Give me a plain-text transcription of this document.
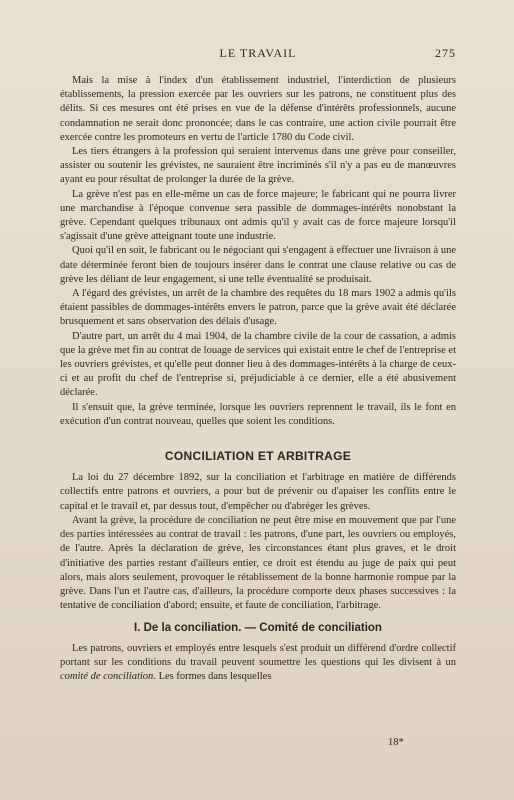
LE TRAVAIL	275

Mais la mise à l'index d'un établissement industriel, l'interdiction de plusieurs établissements, la pression exercée par les ouvriers sur les patrons, ne constituent plus des délits. Si ces mesures ont été prises en vue de la défense d'intérêts professionnels, aucune condamnation ne serait donc prononcée; dans le cas contraire, une action civile pourrait être exercée contre les promoteurs en vertu de l'article 1780 du Code civil.

Les tiers étrangers à la profession qui seraient intervenus dans une grève pour conseiller, assister ou soutenir les grévistes, ne sauraient être incriminés s'il n'y a pas eu de manœuvres ayant eu pour résultat de prolonger la durée de la grève.

La grève n'est pas en elle-même un cas de force majeure; le fabricant qui ne pourra livrer une marchandise à l'époque convenue sera passible de dommages-intérêts nonobstant la grève. Cependant quelques tribunaux ont admis qu'il y avait cas de force majeure lorsqu'il s'agissait d'une grève atteignant toute une industrie.

Quoi qu'il en soit, le fabricant ou le négociant qui s'engagent à effectuer une livraison à une date déterminée feront bien de toujours insérer dans le contrat une clause relative ou cas de grève les déliant de leur engagement, si une telle éventualité se produisait.

A l'égard des grévistes, un arrêt de la chambre des requêtes du 18 mars 1902 a admis qu'ils étaient passibles de dommages-intérêts envers le patron, parce que la grève avait été déclarée brusquement et sans observation des délais d'usage.

D'autre part, un arrêt du 4 mai 1904, de la chambre civile de la cour de cassation, a admis que la grève met fin au contrat de louage de services qui existait entre le chef de l'entreprise et les ouvriers grévistes, et qu'elle peut donner lieu à des dommages-intérêts à la charge de ceux-ci et au profit du chef de l'entreprise si, préjudiciable à ce dernier, elle a été abusivement déclarée.

Il s'ensuit que, la grève terminée, lorsque les ouvriers reprennent le travail, ils le font en exécution d'un contrat nouveau, quelles que soient les conditions.

CONCILIATION ET ARBITRAGE

La loi du 27 décembre 1892, sur la conciliation et l'arbitrage en matière de différends collectifs entre patrons et ouvriers, a pour but de prévenir ou d'apaiser les conflits entre le capital et le travail et, par dessus tout, d'empêcher ou d'abréger les grèves.

Avant la grève, la procédure de conciliation ne peut être mise en mouvement que par l'une des parties intéressées au contrat de travail : les patrons, d'une part, les ouvriers ou employés, de l'autre. Après la déclaration de grève, les circonstances étant plus graves, et le droit d'initiative des parties restant d'ailleurs entier, ce droit est étendu au juge de paix qui peut alors, mais alors seulement, provoquer le rétablissement de la bonne harmonie rompue par la grève. Dans l'un et l'autre cas, d'ailleurs, la procédure comporte deux phases successives : la tentative de conciliation d'abord; ensuite, et faute de conciliation, l'arbitrage.

I. De la conciliation. — Comité de conciliation

Les patrons, ouvriers et employés entre lesquels s'est produit un différend d'ordre collectif portant sur les conditions du travail peuvent soumettre les questions qui les divisent à un comité de conciliation. Les formes dans lesquelles

18*
